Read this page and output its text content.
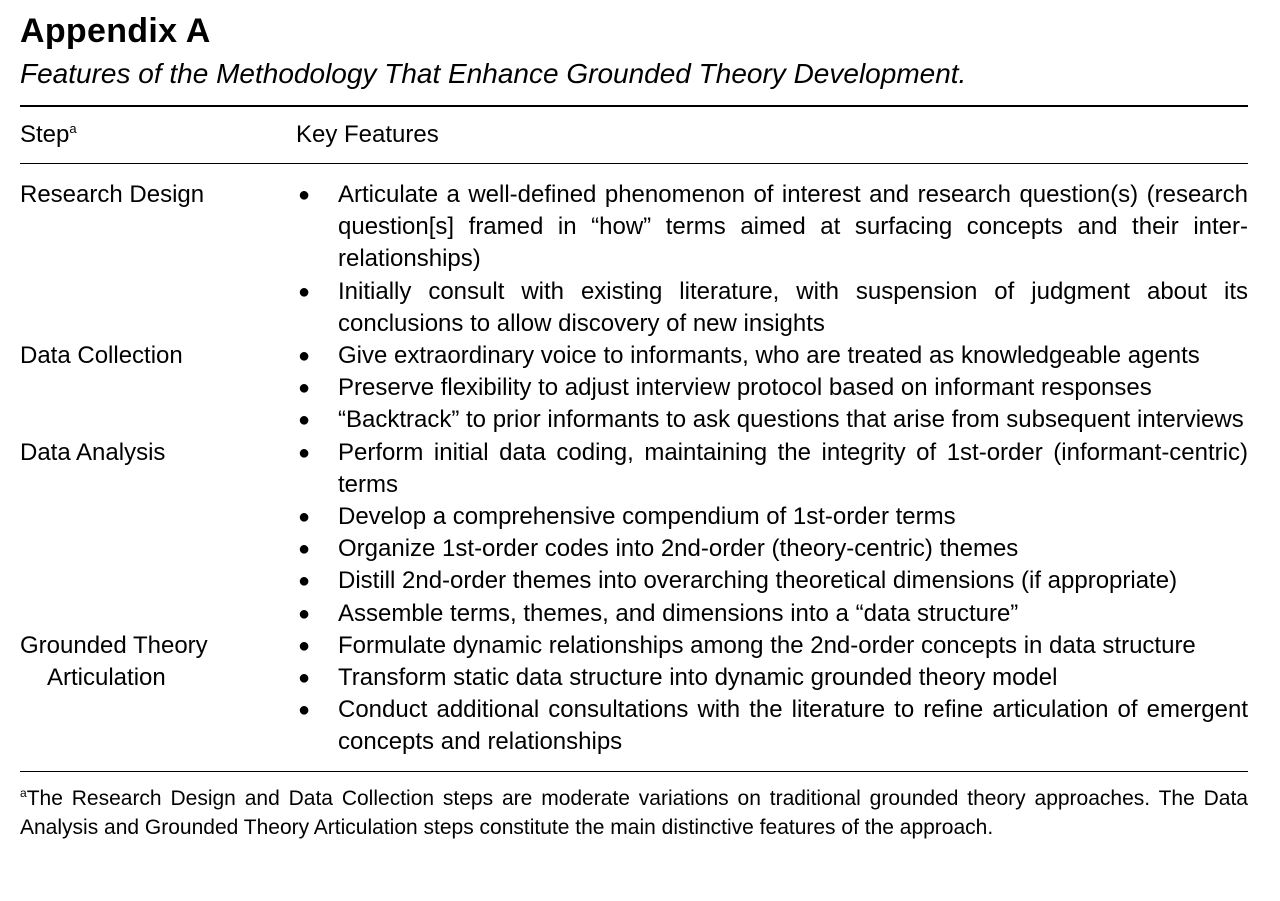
Appendix A

Features of the Methodology That Enhance Grounded Theory Development.

Step$^a$	Key Features
Research Design	● Articulate a well-defined phenomenon of interest and research question(s) (research question[s] framed in “how” terms aimed at surfacing concepts and their inter-relationships)
● Initially consult with existing literature, with suspension of judgment about its conclusions to allow discovery of new insights
Data Collection	● Give extraordinary voice to informants, who are treated as knowledgeable agents
● Preserve flexibility to adjust interview protocol based on informant responses
● “Backtrack” to prior informants to ask questions that arise from subsequent interviews
Data Analysis	● Perform initial data coding, maintaining the integrity of 1st-order (informant-centric) terms
● Develop a comprehensive compendium of 1st-order terms
● Organize 1st-order codes into 2nd-order (theory-centric) themes
● Distill 2nd-order themes into overarching theoretical dimensions (if appropriate)
● Assemble terms, themes, and dimensions into a “data structure”
Grounded Theory
Articulation
● Formulate dynamic relationships among the 2nd-order concepts in data structure
● Transform static data structure into dynamic grounded theory model
● Conduct additional consultations with the literature to refine articulation of emergent concepts and relationships
$^a$The Research Design and Data Collection steps are moderate variations on traditional grounded theory approaches. The Data Analysis and Grounded Theory Articulation steps constitute the main distinctive features of the approach.
